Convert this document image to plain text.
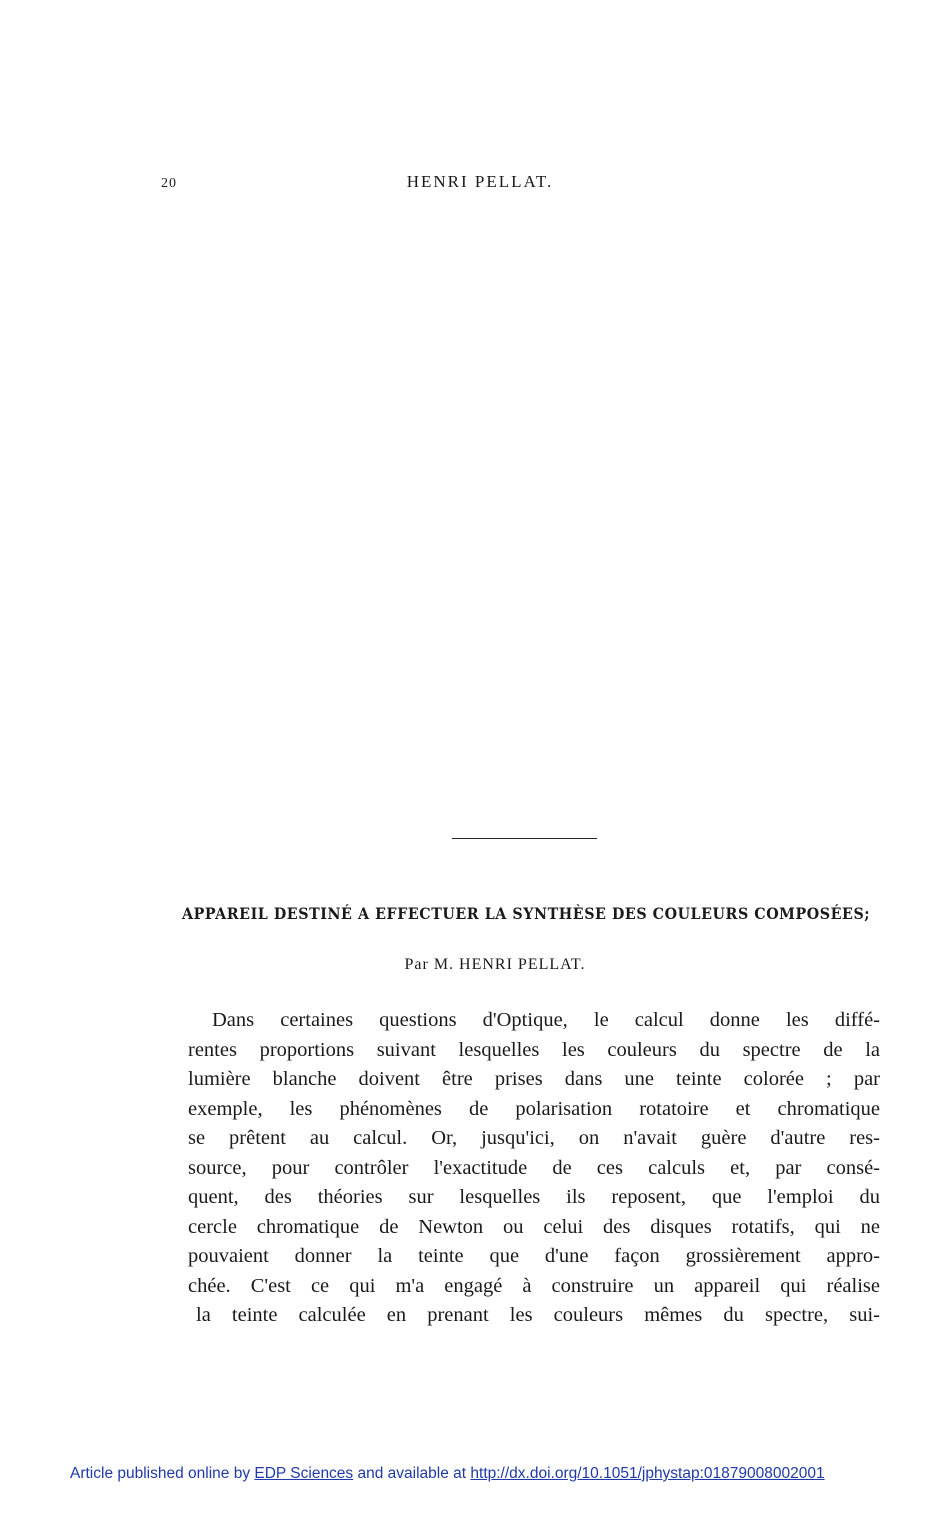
20	HENRI PELLAT.
APPAREIL DESTINÉ A EFFECTUER LA SYNTHÈSE DES COULEURS COMPOSÉES;
Par M. HENRI PELLAT.
Dans certaines questions d'Optique, le calcul donne les diffé-
rentes proportions suivant lesquelles les couleurs du spectre de la
lumière blanche doivent être prises dans une teinte colorée ; par
exemple, les phénomènes de polarisation rotatoire et chromatique
se prêtent au calcul. Or, jusqu'ici, on n'avait guère d'autre res-
source, pour contrôler l'exactitude de ces calculs et, par consé-
quent, des théories sur lesquelles ils reposent, que l'emploi du
cercle chromatique de Newton ou celui des disques rotatifs, qui ne
pouvaient donner la teinte que d'une façon grossièrement appro-
chée. C'est ce qui m'a engagé à construire un appareil qui réalise
la teinte calculée en prenant les couleurs mêmes du spectre, sui-
Article published online by EDP Sciences and available at http://dx.doi.org/10.1051/jphystap:01879008002001
